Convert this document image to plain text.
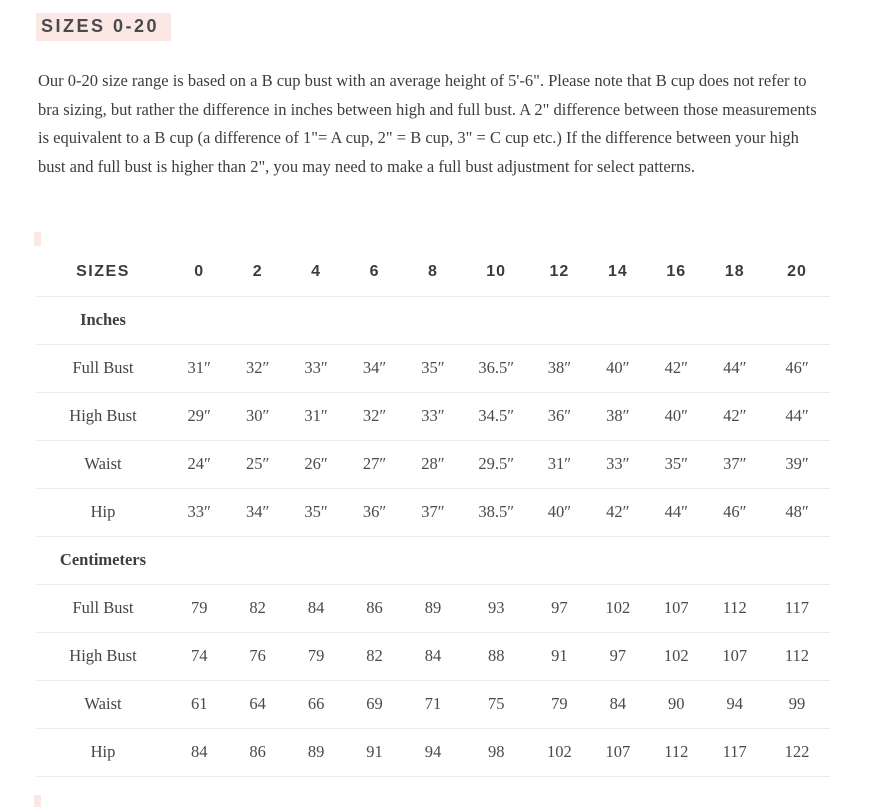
SIZES 0-20

Our 0-20 size range is based on a B cup bust with an average height of 5'-6". Please note that B cup does not refer to bra sizing, but rather the difference in inches between high and full bust. A 2" difference between those measurements is equivalent to a B cup (a difference of 1"= A cup, 2" = B cup, 3" = C cup etc.) If the difference between your high bust and full bust is higher than 2", you may need to make a full bust adjustment for select patterns.

SIZES	0	2	4	6	8	10	12	14	16	18	20
Inches											
Full Bust	31″	32″	33″	34″	35″	36.5″	38″	40″	42″	44″	46″
High Bust	29″	30″	31″	32″	33″	34.5″	36″	38″	40″	42″	44″
Waist	24″	25″	26″	27″	28″	29.5″	31″	33″	35″	37″	39″
Hip	33″	34″	35″	36″	37″	38.5″	40″	42″	44″	46″	48″
Centimeters											
Full Bust	79	82	84	86	89	93	97	102	107	112	117
High Bust	74	76	79	82	84	88	91	97	102	107	112
Waist	61	64	66	69	71	75	79	84	90	94	99
Hip	84	86	89	91	94	98	102	107	112	117	122
